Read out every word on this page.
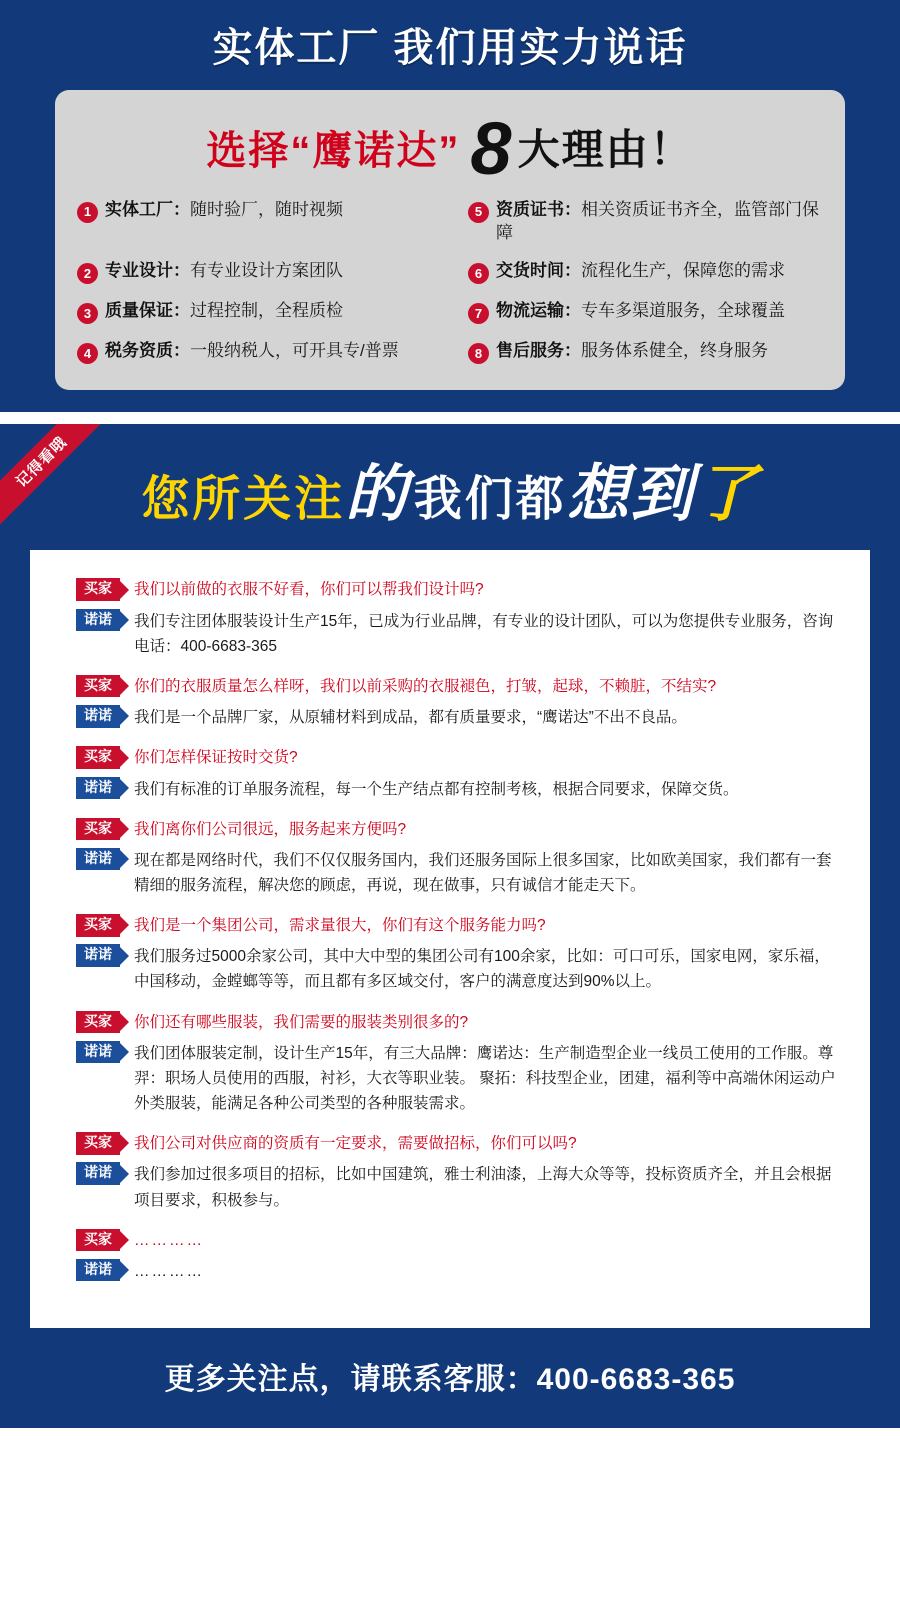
实体工厂 我们用实力说话
选择“鹰诺达” 8 大理由！
1 实体工厂：随时验厂，随时视频	5 资质证书：相关资质证书齐全，监管部门保障
2 专业设计：有专业设计方案团队	6 交货时间：流程化生产，保障您的需求
3 质量保证：过程控制，全程质检	7 物流运输：专车多渠道服务，全球覆盖
4 税务资质：一般纳税人，可开具专/普票	8 售后服务：服务体系健全，终身服务
记得看哦
您所关注的 我们都想到了
买家	我们以前做的衣服不好看，你们可以帮我们设计吗?
诺诺	我们专注团体服装设计生产15年，已成为行业品牌，有专业的设计团队，可以为您提供专业服务，咨询电话：400-6683-365
买家	你们的衣服质量怎么样呀，我们以前采购的衣服褪色，打皱，起球，不赖脏，不结实?
诺诺	我们是一个品牌厂家，从原辅材料到成品，都有质量要求，“鹰诺达”不出不良品。
买家	你们怎样保证按时交货?
诺诺	我们有标准的订单服务流程，每一个生产结点都有控制考核，根据合同要求，保障交货。
买家	我们离你们公司很远，服务起来方便吗?
诺诺	现在都是网络时代，我们不仅仅服务国内，我们还服务国际上很多国家，比如欧美国家，我们都有一套精细的服务流程，解决您的顾虑，再说，现在做事，只有诚信才能走天下。
买家	我们是一个集团公司，需求量很大，你们有这个服务能力吗?
诺诺	我们服务过5000余家公司，其中大中型的集团公司有100余家，比如：可口可乐，国家电网，家乐福，中国移动，金螳螂等等，而且都有多区域交付，客户的满意度达到90%以上。
买家	你们还有哪些服装，我们需要的服装类别很多的?
诺诺	我们团体服装定制，设计生产15年，有三大品牌：鹰诺达：生产制造型企业一线员工使用的工作服。尊羿：职场人员使用的西服，衬衫，大衣等职业装。 聚拓：科技型企业，团建，福利等中高端休闲运动户外类服装，能满足各种公司类型的各种服装需求。
买家	我们公司对供应商的资质有一定要求，需要做招标，你们可以吗?
诺诺	我们参加过很多项目的招标，比如中国建筑，雅士利油漆，上海大众等等，投标资质齐全，并且会根据项目要求，积极参与。
买家	…………
诺诺	…………
更多关注点，请联系客服：400-6683-365
